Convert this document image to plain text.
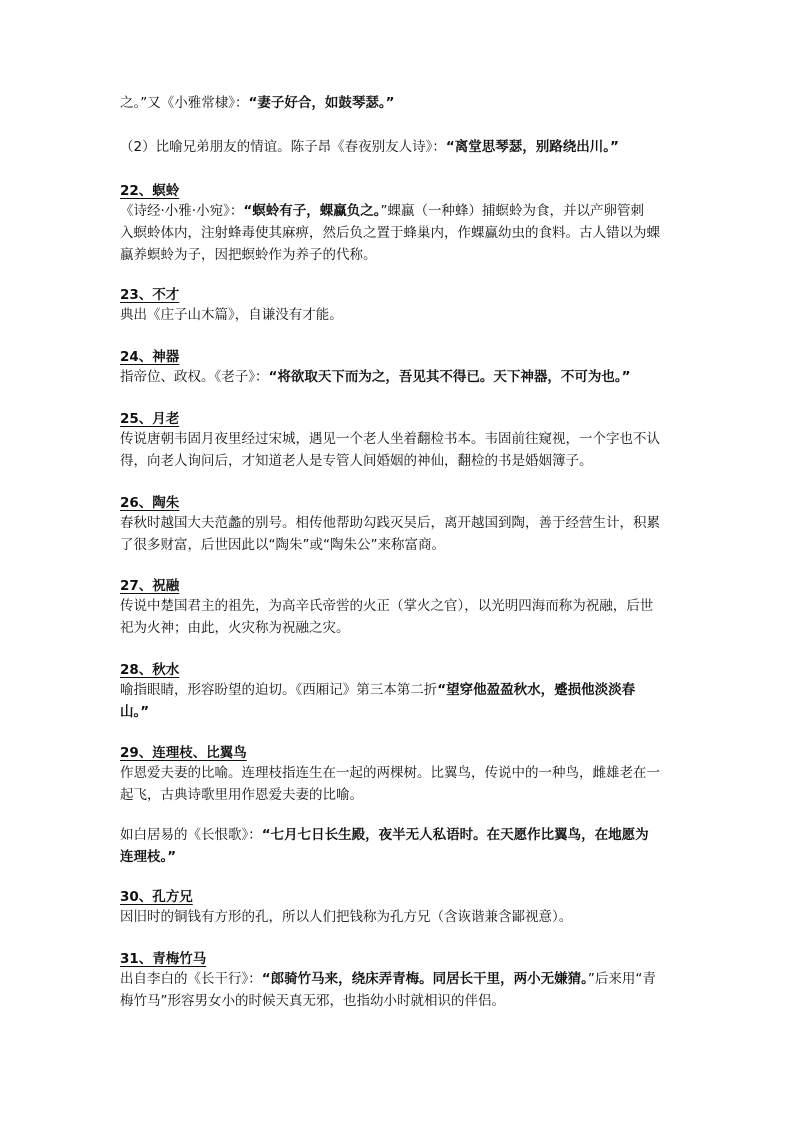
之。”又《小雅常棣》：“妻子好合，如鼓琴瑟。”
（2）比喻兄弟朋友的情谊。陈子昂《春夜别友人诗》：“离堂思琴瑟，别路绕出川。”
22、螟蛉
《诗经·小雅·小宛》：“螟蛉有子，蜾蠃负之。”蜾蠃（一种蜂）捕螟蛉为食，并以产卵管刺
入螟蛉体内，注射蜂毒使其麻痹，然后负之置于蜂巢内，作蜾蠃幼虫的食料。古人错以为蜾
蠃养螟蛉为子，因把螟蛉作为养子的代称。
23、不才
典出《庄子山木篇》，自谦没有才能。
24、神器
指帝位、政权。《老子》：“将欲取天下而为之，吾见其不得已。天下神器，不可为也。”
25、月老
传说唐朝韦固月夜里经过宋城，遇见一个老人坐着翻检书本。韦固前往窥视，一个字也不认
得，向老人询问后，才知道老人是专管人间婚姻的神仙，翻检的书是婚姻簿子。
26、陶朱
春秋时越国大夫范蠡的别号。相传他帮助勾践灭吴后，离开越国到陶，善于经营生计，积累
了很多财富，后世因此以“陶朱”或“陶朱公”来称富商。
27、祝融
传说中楚国君主的祖先，为高辛氏帝喾的火正（掌火之官），以光明四海而称为祝融，后世
祀为火神；由此，火灾称为祝融之灾。
28、秋水
喻指眼睛，形容盼望的迫切。《西厢记》第三本第二折“望穿他盈盈秋水，蹙损他淡淡春
山。”
29、连理枝、比翼鸟
作恩爱夫妻的比喻。连理枝指连生在一起的两棵树。比翼鸟，传说中的一种鸟，雌雄老在一
起飞，古典诗歌里用作恩爱夫妻的比喻。
如白居易的《长恨歌》：“七月七日长生殿，夜半无人私语时。在天愿作比翼鸟，在地愿为
连理枝。”
30、孔方兄
因旧时的铜钱有方形的孔，所以人们把钱称为孔方兄（含诙谐兼含鄙视意）。
31、青梅竹马
出自李白的《长干行》：“郎骑竹马来，绕床弄青梅。同居长干里，两小无嫌猜。”后来用“青
梅竹马”形容男女小的时候天真无邪，也指幼小时就相识的伴侣。
